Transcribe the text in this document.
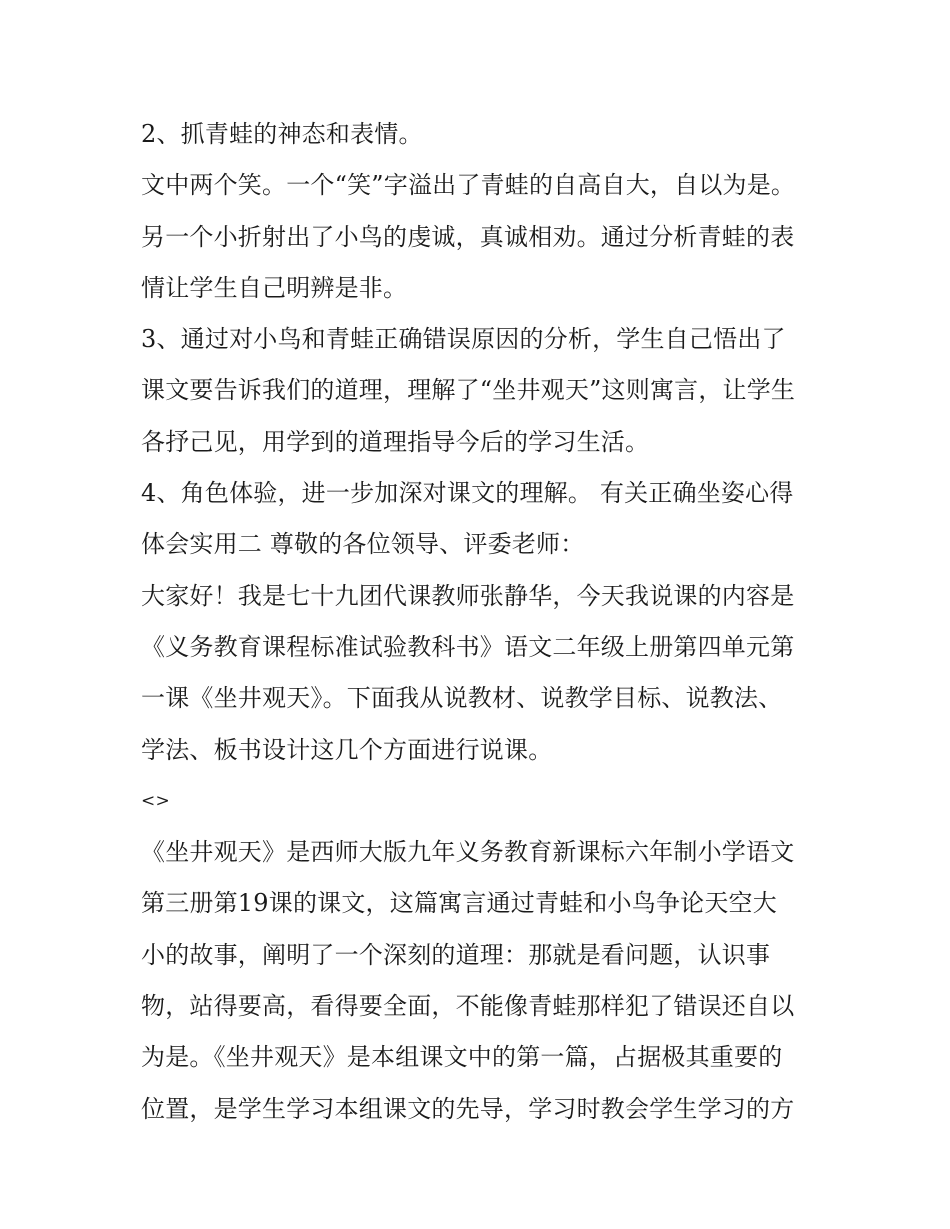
2、抓青蛙的神态和表情。
文中两个笑。一个“笑”字溢出了青蛙的自高自大，自以为是。
另一个小折射出了小鸟的虔诚，真诚相劝。通过分析青蛙的表
情让学生自己明辨是非。
3、通过对小鸟和青蛙正确错误原因的分析，学生自己悟出了
课文要告诉我们的道理，理解了“坐井观天”这则寓言，让学生
各抒己见，用学到的道理指导今后的学习生活。
4、角色体验，进一步加深对课文的理解。 有关正确坐姿心得
体会实用二 尊敬的各位领导、评委老师：
大家好！我是七十九团代课教师张静华，今天我说课的内容是
《义务教育课程标准试验教科书》语文二年级上册第四单元第
一课《坐井观天》。下面我从说教材、说教学目标、说教法、
学法、板书设计这几个方面进行说课。
<>
《坐井观天》是西师大版九年义务教育新课标六年制小学语文
第三册第19课的课文，这篇寓言通过青蛙和小鸟争论天空大
小的故事，阐明了一个深刻的道理：那就是看问题，认识事
物，站得要高，看得要全面，不能像青蛙那样犯了错误还自以
为是。《坐井观天》是本组课文中的第一篇，占据极其重要的
位置，是学生学习本组课文的先导，学习时教会学生学习的方
